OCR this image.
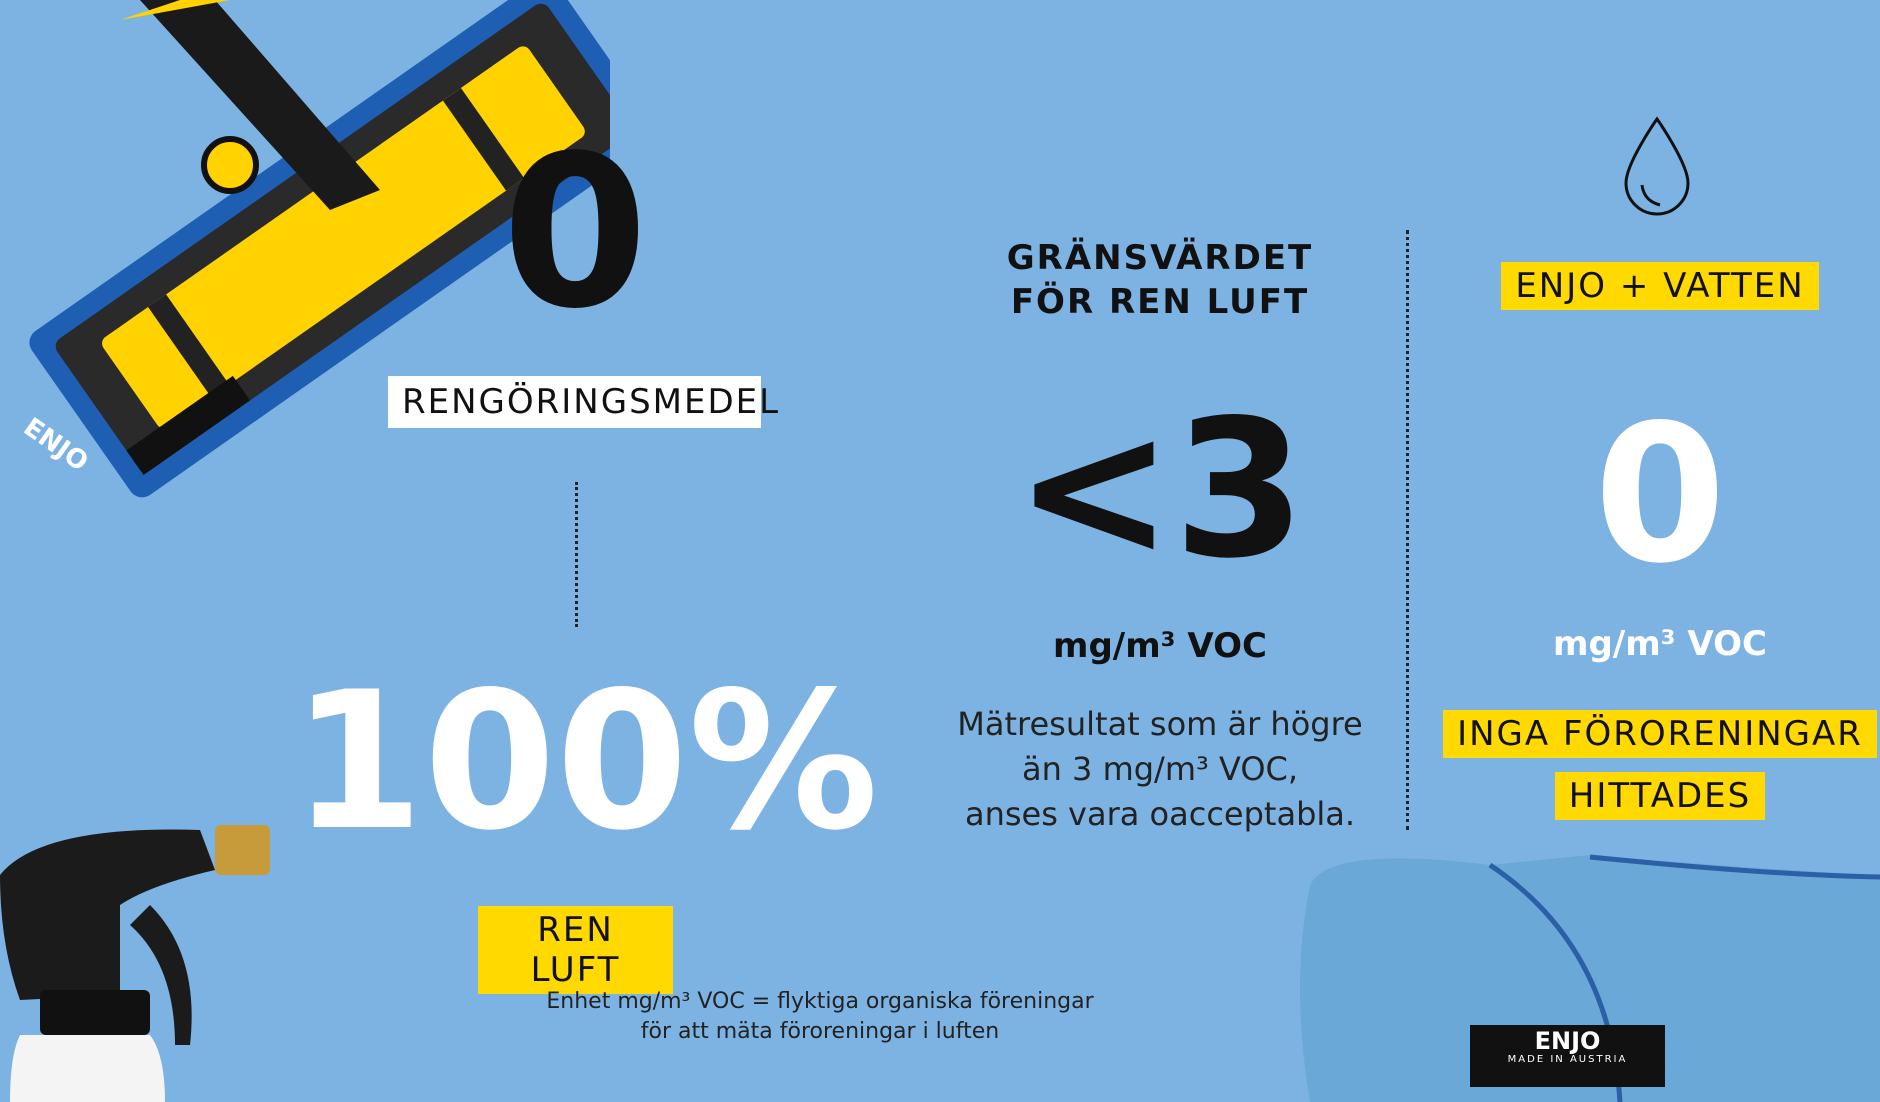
ENJO
0
RENGÖRINGSMEDEL
100%
REN LUFT
Enhet mg/m³ VOC = flyktiga organiska föreningar
för att mäta föroreningar i luften
GRÄNSVÄRDET
FÖR REN LUFT
<3
mg/m³ VOC
Mätresultat som är högre
än 3 mg/m³ VOC,
anses vara oacceptabla.
ENJO + VATTEN
0
mg/m³ VOC
INGA FÖRORENINGAR
HITTADES
ENJO
MADE IN AUSTRIA
